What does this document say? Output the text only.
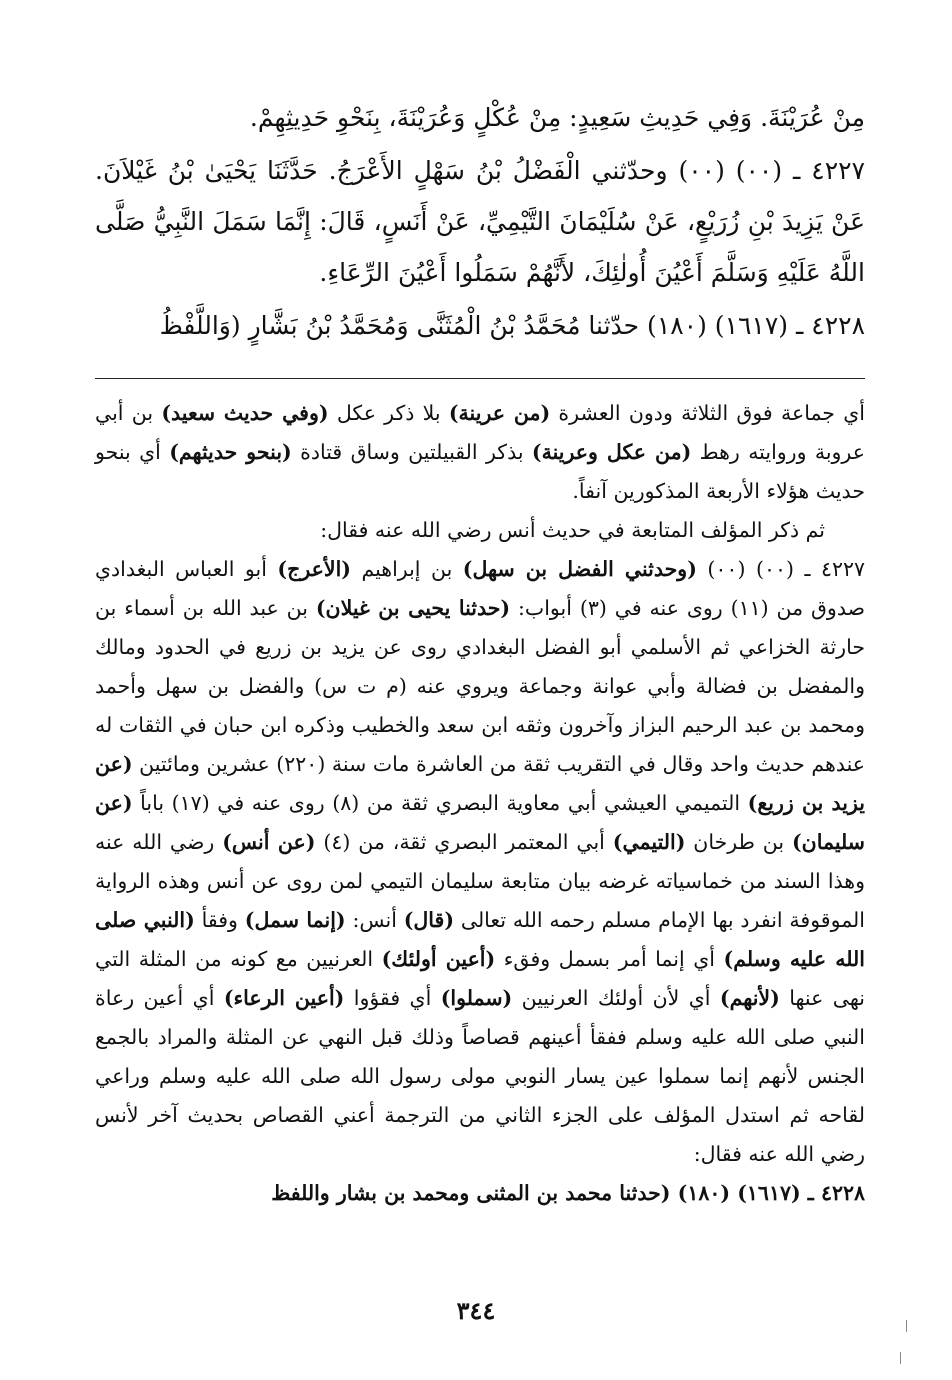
مِنْ عُرَيْنَةَ. وَفِي حَدِيثِ سَعِيدٍ: مِنْ عُكْلٍ وَعُرَيْنَةَ، بِنَحْوِ حَدِيثِهِمْ.

٤٢٢٧ ـ (٠٠) (٠٠) وحدّثني الْفَضْلُ بْنُ سَهْلٍ الأَعْرَجُ. حَدَّثَنَا يَحْيَىٰ بْنُ غَيْلاَنَ. عَنْ يَزِيدَ بْنِ زُرَيْعٍ، عَنْ سُلَيْمَانَ التَّيْمِيِّ، عَنْ أَنَسٍ، قَالَ: إِنَّمَا سَمَلَ النَّبِيُّ صَلَّى اللَّهُ عَلَيْهِ وَسَلَّمَ أَعْيُنَ أُولٰئِكَ، لأَنَّهُمْ سَمَلُوا أَعْيُنَ الرِّعَاءِ.

٤٢٢٨ ـ (١٦١٧) (١٨٠) حدّثنا مُحَمَّدُ بْنُ الْمُثَنَّى وَمُحَمَّدُ بْنُ بَشَّارٍ (وَاللَّفْظُ

أي جماعة فوق الثلاثة ودون العشرة (من عرينة) بلا ذكر عكل (وفي حديث سعيد) بن أبي عروبة وروايته رهط (من عكل وعرينة) بذكر القبيلتين وساق قتادة (بنحو حديثهم) أي بنحو حديث هؤلاء الأربعة المذكورين آنفاً.

ثم ذكر المؤلف المتابعة في حديث أنس رضي الله عنه فقال:

٤٢٢٧ ـ (٠٠) (٠٠) (وحدثني الفضل بن سهل) بن إبراهيم (الأعرج) أبو العباس البغدادي صدوق من (١١) روى عنه في (٣) أبواب: (حدثنا يحيى بن غيلان) بن عبد الله بن أسماء بن حارثة الخزاعي ثم الأسلمي أبو الفضل البغدادي روى عن يزيد بن زريع في الحدود ومالك والمفضل بن فضالة وأبي عوانة وجماعة ويروي عنه (م ت س) والفضل بن سهل وأحمد ومحمد بن عبد الرحيم البزاز وآخرون وثقه ابن سعد والخطيب وذكره ابن حبان في الثقات له عندهم حديث واحد وقال في التقريب ثقة من العاشرة مات سنة (٢٢٠) عشرين ومائتين (عن يزيد بن زريع) التميمي العيشي أبي معاوية البصري ثقة من (٨) روى عنه في (١٧) باباً (عن سليمان) بن طرخان (التيمي) أبي المعتمر البصري ثقة، من (٤) (عن أنس) رضي الله عنه وهذا السند من خماسياته غرضه بيان متابعة سليمان التيمي لمن روى عن أنس وهذه الرواية الموقوفة انفرد بها الإمام مسلم رحمه الله تعالى (قال) أنس: (إنما سمل) وفقأ (النبي صلى الله عليه وسلم) أي إنما أمر بسمل وفقء (أعين أولئك) العرنيين مع كونه من المثلة التي نهى عنها (لأنهم) أي لأن أولئك العرنيين (سملوا) أي فقؤوا (أعين الرعاء) أي أعين رعاة النبي صلى الله عليه وسلم ففقأ أعينهم قصاصاً وذلك قبل النهي عن المثلة والمراد بالجمع الجنس لأنهم إنما سملوا عين يسار النوبي مولى رسول الله صلى الله عليه وسلم وراعي لقاحه ثم استدل المؤلف على الجزء الثاني من الترجمة أعني القصاص بحديث آخر لأنس رضي الله عنه فقال:

٤٢٢٨ ـ (١٦١٧) (١٨٠) (حدثنا محمد بن المثنى ومحمد بن بشار واللفظ

٣٤٤
